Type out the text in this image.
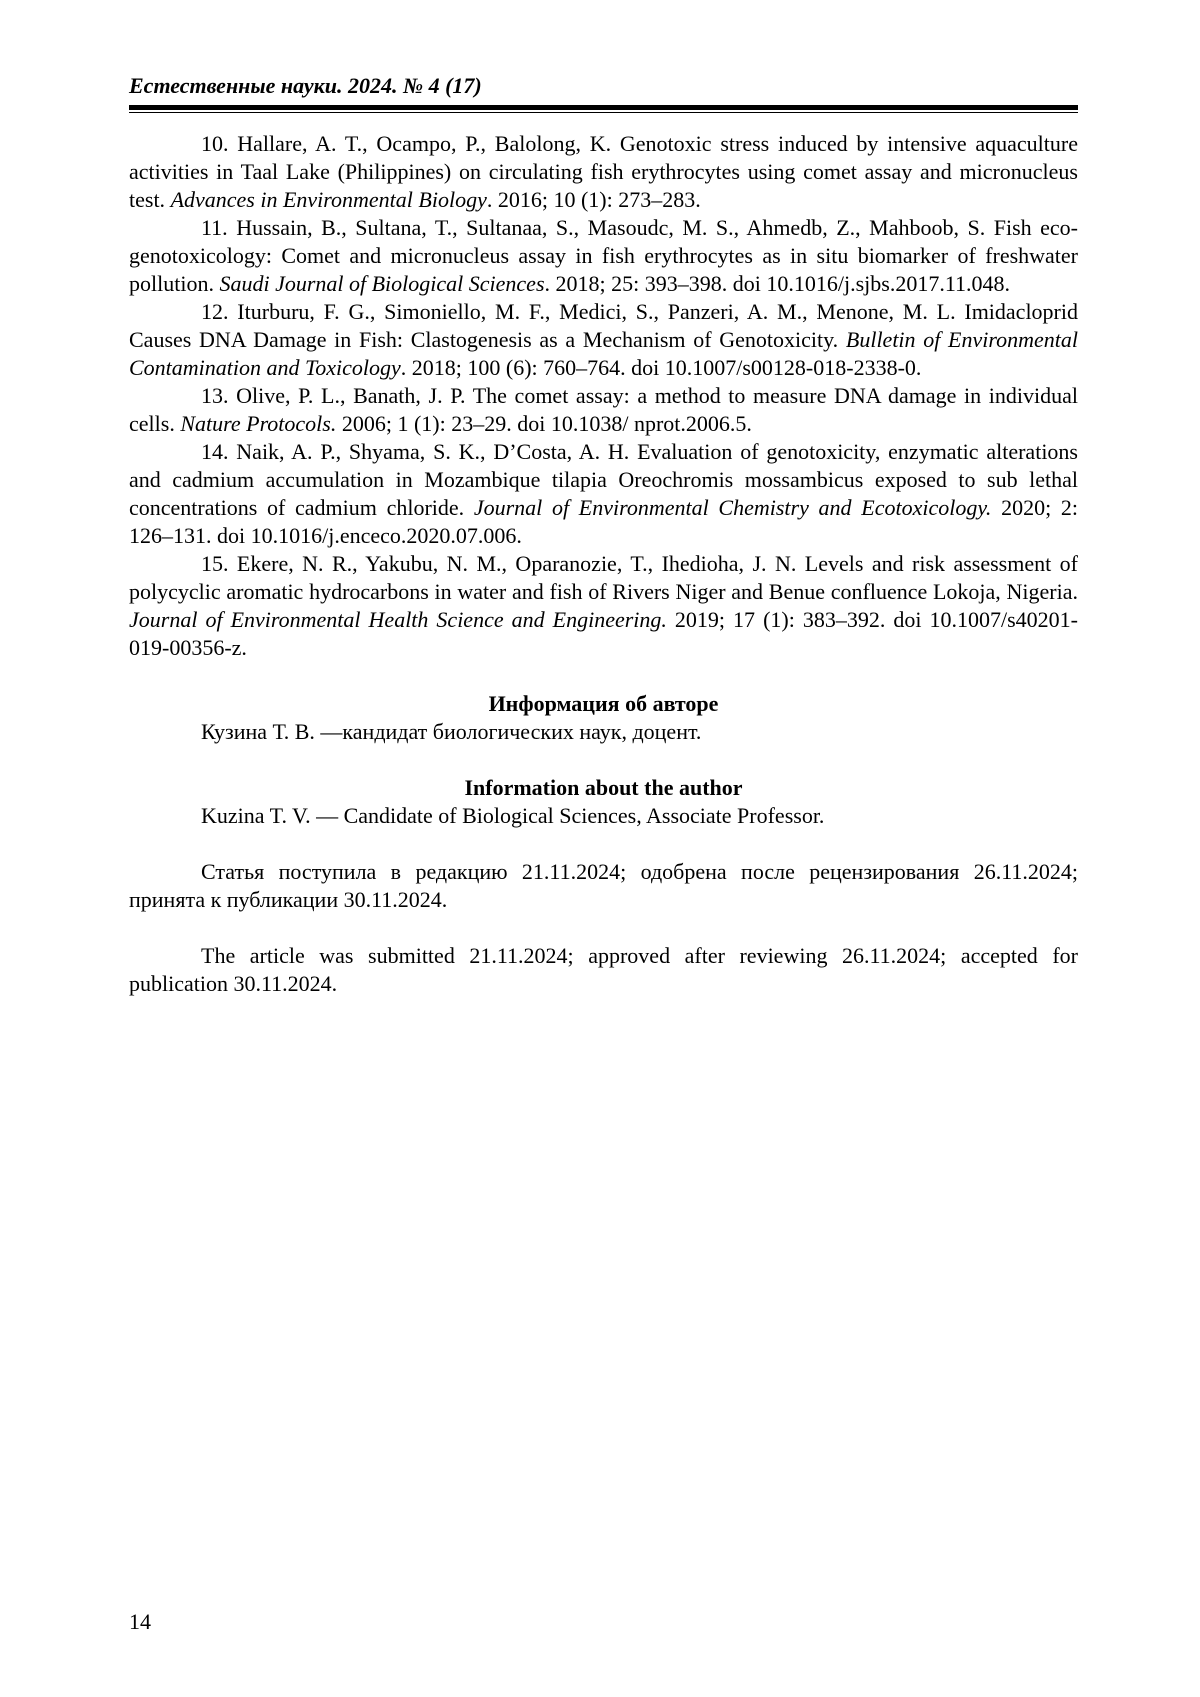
Естественные науки. 2024. № 4 (17)

10. Hallare, A. T., Ocampo, P., Balolong, K. Genotoxic stress induced by intensive aquaculture activities in Taal Lake (Philippines) on circulating fish erythrocytes using comet assay and micronucleus test. Advances in Environmental Biology. 2016; 10 (1): 273–283.

11. Hussain, B., Sultana, T., Sultanaa, S., Masoudc, M. S., Ahmedb, Z., Mahboob, S. Fish eco-genotoxicology: Comet and micronucleus assay in fish erythrocytes as in situ biomarker of freshwater pollution. Saudi Journal of Biological Sciences. 2018; 25: 393–398. doi 10.1016/j.sjbs.2017.11.048.

12. Iturburu, F. G., Simoniello, M. F., Medici, S., Panzeri, A. M., Menone, M. L. Imidacloprid Causes DNA Damage in Fish: Clastogenesis as a Mechanism of Genotoxicity. Bulletin of Environmental Contamination and Toxicology. 2018; 100 (6): 760–764. doi 10.1007/s00128-018-2338-0.

13. Olive, P. L., Banath, J. P. The comet assay: a method to measure DNA damage in individual cells. Nature Protocols. 2006; 1 (1): 23–29. doi 10.1038/ nprot.2006.5.

14. Naik, A. P., Shyama, S. K., D’Costa, A. H. Evaluation of genotoxicity, enzymatic alterations and cadmium accumulation in Mozambique tilapia Oreochromis mossambicus exposed to sub lethal concentrations of cadmium chloride. Journal of Environmental Chemistry and Ecotoxicology. 2020; 2: 126–131. doi 10.1016/j.enceco.2020.07.006.

15. Ekere, N. R., Yakubu, N. M., Oparanozie, T., Ihedioha, J. N. Levels and risk assessment of polycyclic aromatic hydrocarbons in water and fish of Rivers Niger and Benue confluence Lokoja, Nigeria. Journal of Environmental Health Science and Engineering. 2019; 17 (1): 383–392. doi 10.1007/s40201-019-00356-z.

Информация об авторе

Кузина Т. В. —кандидат биологических наук, доцент.

Information about the author

Kuzina T. V. — Candidate of Biological Sciences, Associate Professor.

Статья поступила в редакцию 21.11.2024; одобрена после рецензирования 26.11.2024; принята к публикации 30.11.2024.

The article was submitted 21.11.2024; approved after reviewing 26.11.2024; accepted for publication 30.11.2024.

14
